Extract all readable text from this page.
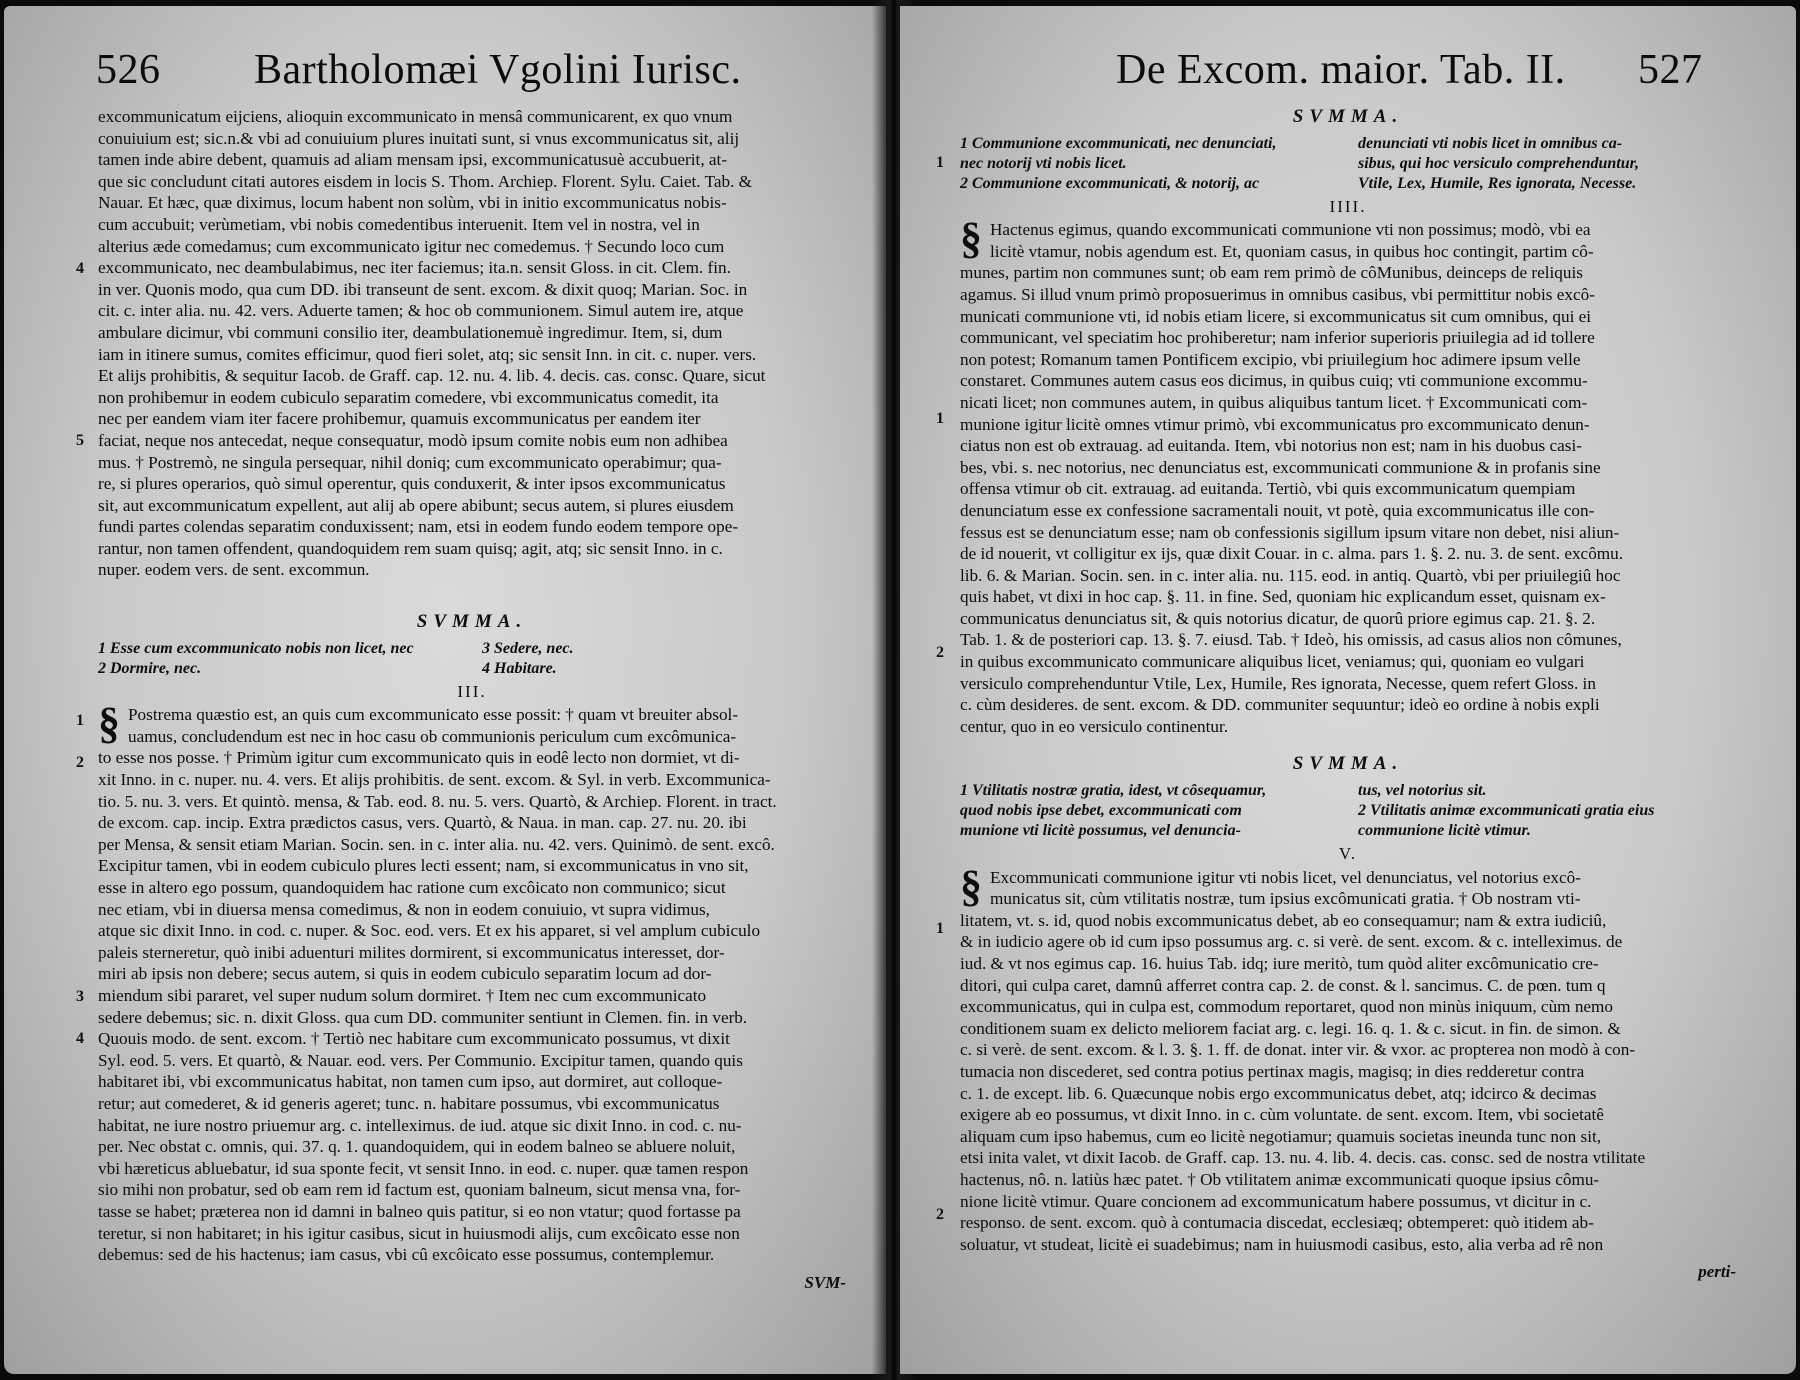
526 Bartholomæi Vgolini Iurisc.
4
5
1
2
3
4
excommunicatum eijciens, alioquin excommunicato in mensâ communicarent, ex quo vnum
conuiuium est; sic.n.& vbi ad conuiuium plures inuitati sunt, si vnus excommunicatus sit, alij
tamen inde abire debent, quamuis ad aliam mensam ipsi, excommunicatusuè accubuerit, at-
que sic concludunt citati autores eisdem in locis S. Thom. Archiep. Florent. Sylu. Caiet. Tab. &
Nauar. Et hæc, quæ diximus, locum habent non solùm, vbi in initio excommunicatus nobis-
cum accubuit; verùmetiam, vbi nobis comedentibus interuenit. Item vel in nostra, vel in
alterius æde comedamus; cum excommunicato igitur nec comedemus. † Secundo loco cum
excommunicato, nec deambulabimus, nec iter faciemus; ita.n. sensit Gloss. in cit. Clem. fin.
in ver. Quonis modo, qua cum DD. ibi transeunt de sent. excom. & dixit quoq; Marian. Soc. in
cit. c. inter alia. nu. 42. vers. Aduerte tamen; & hoc ob communionem. Simul autem ire, atque
ambulare dicimur, vbi communi consilio iter, deambulationemuè ingredimur. Item, si, dum
iam in itinere sumus, comites efficimur, quod fieri solet, atq; sic sensit Inn. in cit. c. nuper. vers.
Et alijs prohibitis, & sequitur Iacob. de Graff. cap. 12. nu. 4. lib. 4. decis. cas. consc. Quare, sicut
non prohibemur in eodem cubiculo separatim comedere, vbi excommunicatus comedit, ita
nec per eandem viam iter facere prohibemur, quamuis excommunicatus per eandem iter
faciat, neque nos antecedat, neque consequatur, modò ipsum comite nobis eum non adhibea
mus. † Postremò, ne singula persequar, nihil doniq; cum excommunicato operabimur; qua-
re, si plures operarios, quò simul operentur, quis conduxerit, & inter ipsos excommunicatus
sit, aut excommunicatum expellent, aut alij ab opere abibunt; secus autem, si plures eiusdem
fundi partes colendas separatim conduxissent; nam, etsi in eodem fundo eodem tempore ope-
rantur, non tamen offendent, quandoquidem rem suam quisq; agit, atq; sic sensit Inno. in c.
nuper. eodem vers. de sent. excommun.
SVMMA.
1 Esse cum excommunicato nobis non licet, nec
2 Dormire, nec.
3 Sedere, nec.
4 Habitare.
III.
§ Postrema quæstio est, an quis cum excommunicato esse possit: † quam vt breuiter absol-
uamus, concludendum est nec in hoc casu ob communionis periculum cum excômunica-
to esse nos posse. † Primùm igitur cum excommunicato quis in eodê lecto non dormiet, vt di-
xit Inno. in c. nuper. nu. 4. vers. Et alijs prohibitis. de sent. excom. & Syl. in verb. Excommunica-
tio. 5. nu. 3. vers. Et quintò. mensa, & Tab. eod. 8. nu. 5. vers. Quartò, & Archiep. Florent. in tract.
de excom. cap. incip. Extra prædictos casus, vers. Quartò, & Naua. in man. cap. 27. nu. 20. ibi
per Mensa, & sensit etiam Marian. Socin. sen. in c. inter alia. nu. 42. vers. Quinimò. de sent. excô.
Excipitur tamen, vbi in eodem cubiculo plures lecti essent; nam, si excommunicatus in vno sit,
esse in altero ego possum, quandoquidem hac ratione cum excôicato non communico; sicut
nec etiam, vbi in diuersa mensa comedimus, & non in eodem conuiuio, vt supra vidimus,
atque sic dixit Inno. in cod. c. nuper. & Soc. eod. vers. Et ex his apparet, si vel amplum cubiculo
paleis sterneretur, quò inibi aduenturi milites dormirent, si excommunicatus interesset, dor-
miri ab ipsis non debere; secus autem, si quis in eodem cubiculo separatim locum ad dor-
miendum sibi pararet, vel super nudum solum dormiret. † Item nec cum excommunicato
sedere debemus; sic. n. dixit Gloss. qua cum DD. communiter sentiunt in Clemen. fin. in verb.
Quouis modo. de sent. excom. † Tertiò nec habitare cum excommunicato possumus, vt dixit
Syl. eod. 5. vers. Et quartò, & Nauar. eod. vers. Per Communio. Excipitur tamen, quando quis
habitaret ibi, vbi excommunicatus habitat, non tamen cum ipso, aut dormiret, aut colloque-
retur; aut comederet, & id generis ageret; tunc. n. habitare possumus, vbi excommunicatus
habitat, ne iure nostro priuemur arg. c. intelleximus. de iud. atque sic dixit Inno. in cod. c. nu-
per. Nec obstat c. omnis, qui. 37. q. 1. quandoquidem, qui in eodem balneo se abluere noluit,
vbi hæreticus abluebatur, id sua sponte fecit, vt sensit Inno. in eod. c. nuper. quæ tamen respon
sio mihi non probatur, sed ob eam rem id factum est, quoniam balneum, sicut mensa vna, for-
tasse se habet; præterea non id damni in balneo quis patitur, si eo non vtatur; quod fortasse pa
teretur, si non habitaret; in his igitur casibus, sicut in huiusmodi alijs, cum excôicato esse non
debemus: sed de his hactenus; iam casus, vbi cû excôicato esse possumus, contemplemur.
SVM-
De Excom. maior. Tab. II. 527
1
1
2
1
2
SVMMA.
1 Communione excommunicati, nec denunciati,
nec notorij vti nobis licet.
2 Communione excommunicati, & notorij, ac
denunciati vti nobis licet in omnibus ca-
sibus, qui hoc versiculo comprehenduntur,
Vtile, Lex, Humile, Res ignorata, Necesse.
IIII.
§ Hactenus egimus, quando excommunicati communione vti non possimus; modò, vbi ea
licitè vtamur, nobis agendum est. Et, quoniam casus, in quibus hoc contingit, partim cô-
munes, partim non communes sunt; ob eam rem primò de côMunibus, deinceps de reliquis
agamus. Si illud vnum primò proposuerimus in omnibus casibus, vbi permittitur nobis excô-
municati communione vti, id nobis etiam licere, si excommunicatus sit cum omnibus, qui ei
communicant, vel speciatim hoc prohiberetur; nam inferior superioris priuilegia ad id tollere
non potest; Romanum tamen Pontificem excipio, vbi priuilegium hoc adimere ipsum velle
constaret. Communes autem casus eos dicimus, in quibus cuiq; vti communione excommu-
nicati licet; non communes autem, in quibus aliquibus tantum licet. † Excommunicati com-
munione igitur licitè omnes vtimur primò, vbi excommunicatus pro excommunicato denun-
ciatus non est ob extrauag. ad euitanda. Item, vbi notorius non est; nam in his duobus casi-
bes, vbi. s. nec notorius, nec denunciatus est, excommunicati communione & in profanis sine
offensa vtimur ob cit. extrauag. ad euitanda. Tertiò, vbi quis excommunicatum quempiam
denunciatum esse ex confessione sacramentali nouit, vt potè, quia excommunicatus ille con-
fessus est se denunciatum esse; nam ob confessionis sigillum ipsum vitare non debet, nisi aliun-
de id nouerit, vt colligitur ex ijs, quæ dixit Couar. in c. alma. pars 1. §. 2. nu. 3. de sent. excômu.
lib. 6. & Marian. Socin. sen. in c. inter alia. nu. 115. eod. in antiq. Quartò, vbi per priuilegiû hoc
quis habet, vt dixi in hoc cap. §. 11. in fine. Sed, quoniam hic explicandum esset, quisnam ex-
communicatus denunciatus sit, & quis notorius dicatur, de quorû priore egimus cap. 21. §. 2.
Tab. 1. & de posteriori cap. 13. §. 7. eiusd. Tab. † Ideò, his omissis, ad casus alios non cômunes,
in quibus excommunicato communicare aliquibus licet, veniamus; qui, quoniam eo vulgari
versiculo comprehenduntur Vtile, Lex, Humile, Res ignorata, Necesse, quem refert Gloss. in
c. cùm desideres. de sent. excom. & DD. communiter sequuntur; ideò eo ordine à nobis expli
centur, quo in eo versiculo continentur.
SVMMA.
1 Vtilitatis nostræ gratia, idest, vt côsequamur,
quod nobis ipse debet, excommunicati com
munione vti licitè possumus, vel denuncia-
tus, vel notorius sit.
2 Vtilitatis animæ excommunicati gratia eius
communione licitè vtimur.
V.
§ Excommunicati communione igitur vti nobis licet, vel denunciatus, vel notorius excô-
municatus sit, cùm vtilitatis nostræ, tum ipsius excômunicati gratia. † Ob nostram vti-
litatem, vt. s. id, quod nobis excommunicatus debet, ab eo consequamur; nam & extra iudiciû,
& in iudicio agere ob id cum ipso possumus arg. c. si verè. de sent. excom. & c. intelleximus. de
iud. & vt nos egimus cap. 16. huius Tab. idq; iure meritò, tum quòd aliter excômunicatio cre-
ditori, qui culpa caret, damnû afferret contra cap. 2. de const. & l. sancimus. C. de pœn. tum q
excommunicatus, qui in culpa est, commodum reportaret, quod non minùs iniquum, cùm nemo
conditionem suam ex delicto meliorem faciat arg. c. legi. 16. q. 1. & c. sicut. in fin. de simon. &
c. si verè. de sent. excom. & l. 3. §. 1. ff. de donat. inter vir. & vxor. ac propterea non modò à con-
tumacia non discederet, sed contra potius pertinax magis, magisq; in dies redderetur contra
c. 1. de except. lib. 6. Quæcunque nobis ergo excommunicatus debet, atq; idcirco & decimas
exigere ab eo possumus, vt dixit Inno. in c. cùm voluntate. de sent. excom. Item, vbi societatê
aliquam cum ipso habemus, cum eo licitè negotiamur; quamuis societas ineunda tunc non sit,
etsi inita valet, vt dixit Iacob. de Graff. cap. 13. nu. 4. lib. 4. decis. cas. consc. sed de nostra vtilitate
hactenus, nô. n. latiùs hæc patet. † Ob vtilitatem animæ excommunicati quoque ipsius cômu-
nione licitè vtimur. Quare concionem ad excommunicatum habere possumus, vt dicitur in c.
responso. de sent. excom. quò à contumacia discedat, ecclesiæq; obtemperet: quò itidem ab-
soluatur, vt studeat, licitè ei suadebimus; nam in huiusmodi casibus, esto, alia verba ad rê non
perti-
